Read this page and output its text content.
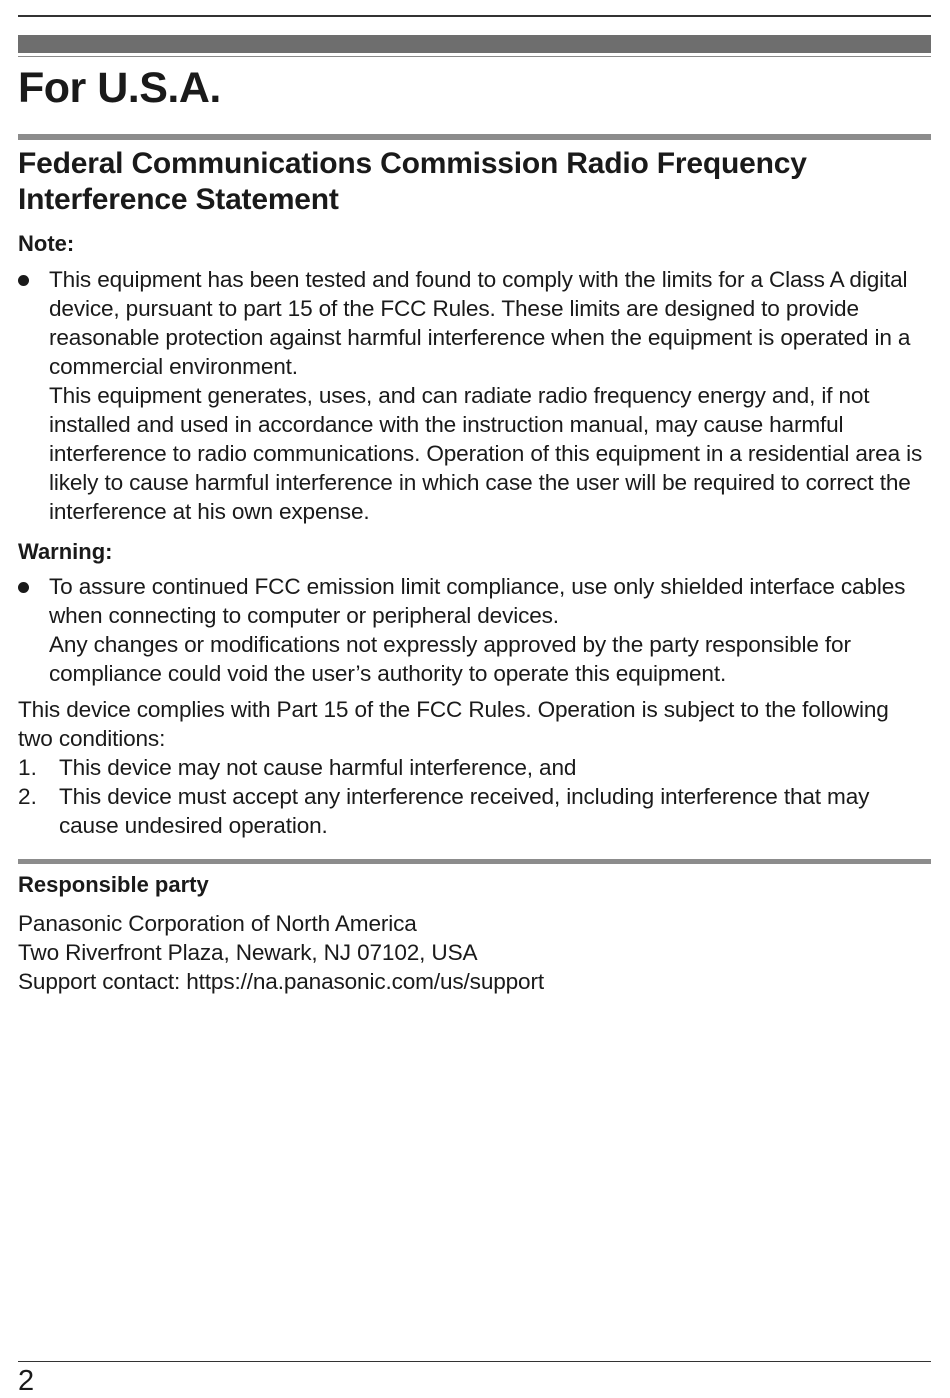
For U.S.A.
Federal Communications Commission Radio Frequency Interference Statement

Note:

This equipment has been tested and found to comply with the limits for a Class A digital device, pursuant to part 15 of the FCC Rules. These limits are designed to provide reasonable protection against harmful interference when the equipment is operated in a commercial environment.

This equipment generates, uses, and can radiate radio frequency energy and, if not installed and used in accordance with the instruction manual, may cause harmful interference to radio communications. Operation of this equipment in a residential area is likely to cause harmful interference in which case the user will be required to correct the interference at his own expense.

Warning:

To assure continued FCC emission limit compliance, use only shielded interface cables when connecting to computer or peripheral devices.

Any changes or modifications not expressly approved by the party responsible for compliance could void the user’s authority to operate this equipment.

This device complies with Part 15 of the FCC Rules. Operation is subject to the following two conditions:

1. This device may not cause harmful interference, and

2. This device must accept any interference received, including interference that may cause undesired operation.

Responsible party

Panasonic Corporation of North America

Two Riverfront Plaza, Newark, NJ 07102, USA

Support contact: https://na.panasonic.com/us/support

2
